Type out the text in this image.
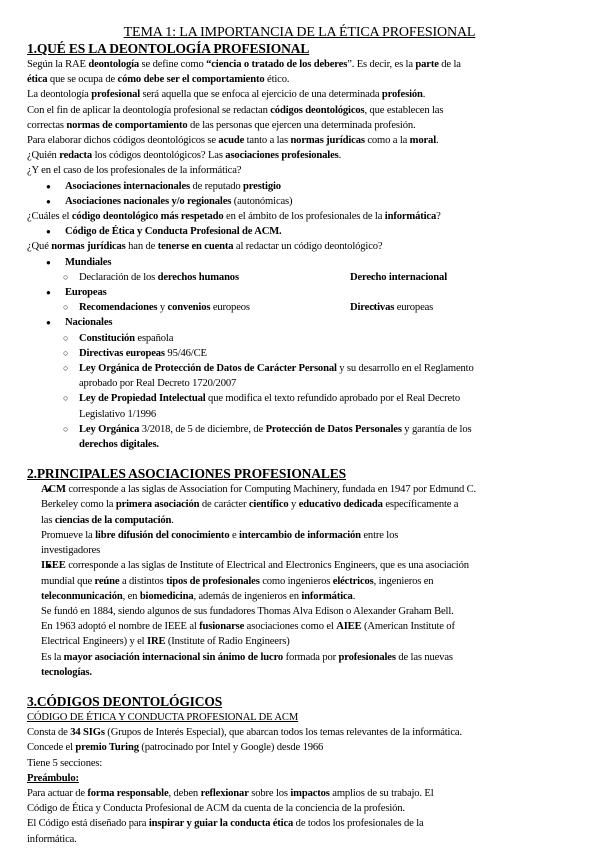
TEMA 1: LA IMPORTANCIA DE LA ÉTICA PROFESIONAL
1.QUÉ ES LA DEONTOLOGÍA PROFESIONAL

Según la RAE deontología se define como “ciencia o tratado de los deberes”. Es decir, es la parte de la

ética que se ocupa de cómo debe ser el comportamiento ético.

La deontología profesional será aquella que se enfoca al ejercicio de una determinada profesión.

Con el fin de aplicar la deontología profesional se redactan códigos deontológicos, que establecen las

correctas normas de comportamiento de las personas que ejercen una determinada profesión.

Para elaborar dichos códigos deontológicos se acude tanto a las normas jurídicas como a la moral.

¿Quién redacta los códigos deontológicos? Las asociaciones profesionales.

¿Y en el caso de los profesionales de la informática?

● Asociaciones internacionales de reputado prestigio
● Asociaciones nacionales y/o regionales (autonómicas)

¿Cuáles el código deontológico más respetado en el ámbito de los profesionales de la informática?

● Código de Ética y Conducta Profesional de ACM.

¿Qué normas jurídicas han de tenerse en cuenta al redactar un código deontológico?

● Mundiales
○ Declaración de los derechos humanos	○ Derecho internacional
● Europeas
○ Recomendaciones y convenios europeos	○ Directivas europeas
● Nacionales
○ Constitución española
○ Directivas europeas 95/46/CE
○ Ley Orgánica de Protección de Datos de Carácter Personal y su desarrollo en el Reglamento
aprobado por Real Decreto 1720/2007
○ Ley de Propiedad Intelectual que modifica el texto refundido aprobado por el Real Decreto
Legislativo 1/1996
○ Ley Orgánica 3/2018, de 5 de diciembre, de Protección de Datos Personales y garantía de los
derechos digitales.
2.PRINCIPALES ASOCIACIONES PROFESIONALES
● ACM corresponde a las siglas de Association for Computing Machinery, fundada en 1947 por Edmund C.
Berkeley como la primera asociación de carácter científico y educativo dedicada específicamente a
las ciencias de la computación.
Promueve la libre difusión del conocimiento e intercambio de información entre los
investigadores
● IEEE corresponde a las siglas de Institute of Electrical and Electronics Engineers, que es una asociación
mundial que reúne a distintos tipos de profesionales como ingenieros eléctricos, ingenieros en
teleconmunicación, en biomedicina, además de ingenieros en informática.
Se fundó en 1884, siendo algunos de sus fundadores Thomas Alva Edison o Alexander Graham Bell.
En 1963 adoptó el nombre de IEEE al fusionarse asociaciones como el AIEE (American Institute of
Electrical Engineers) y el IRE (Institute of Radio Engineers)
Es la mayor asociación internacional sin ánimo de lucro formada por profesionales de las nuevas
tecnologías.
3.CÓDIGOS DEONTOLÓGICOS

CÓDIGO DE ÉTICA Y CONDUCTA PROFESIONAL DE ACM

Consta de 34 SIGs (Grupos de Interés Especial), que abarcan todos los temas relevantes de la informática.

Concede el premio Turing (patrocinado por Intel y Google) desde 1966

Tiene 5 secciones:

Preámbulo:

Para actuar de forma responsable, deben reflexionar sobre los impactos amplios de su trabajo. El

Código de Ética y Conducta Profesional de ACM da cuenta de la conciencia de la profesión.

El Código está diseñado para inspirar y guiar la conducta ética de todos los profesionales de la

informática.
